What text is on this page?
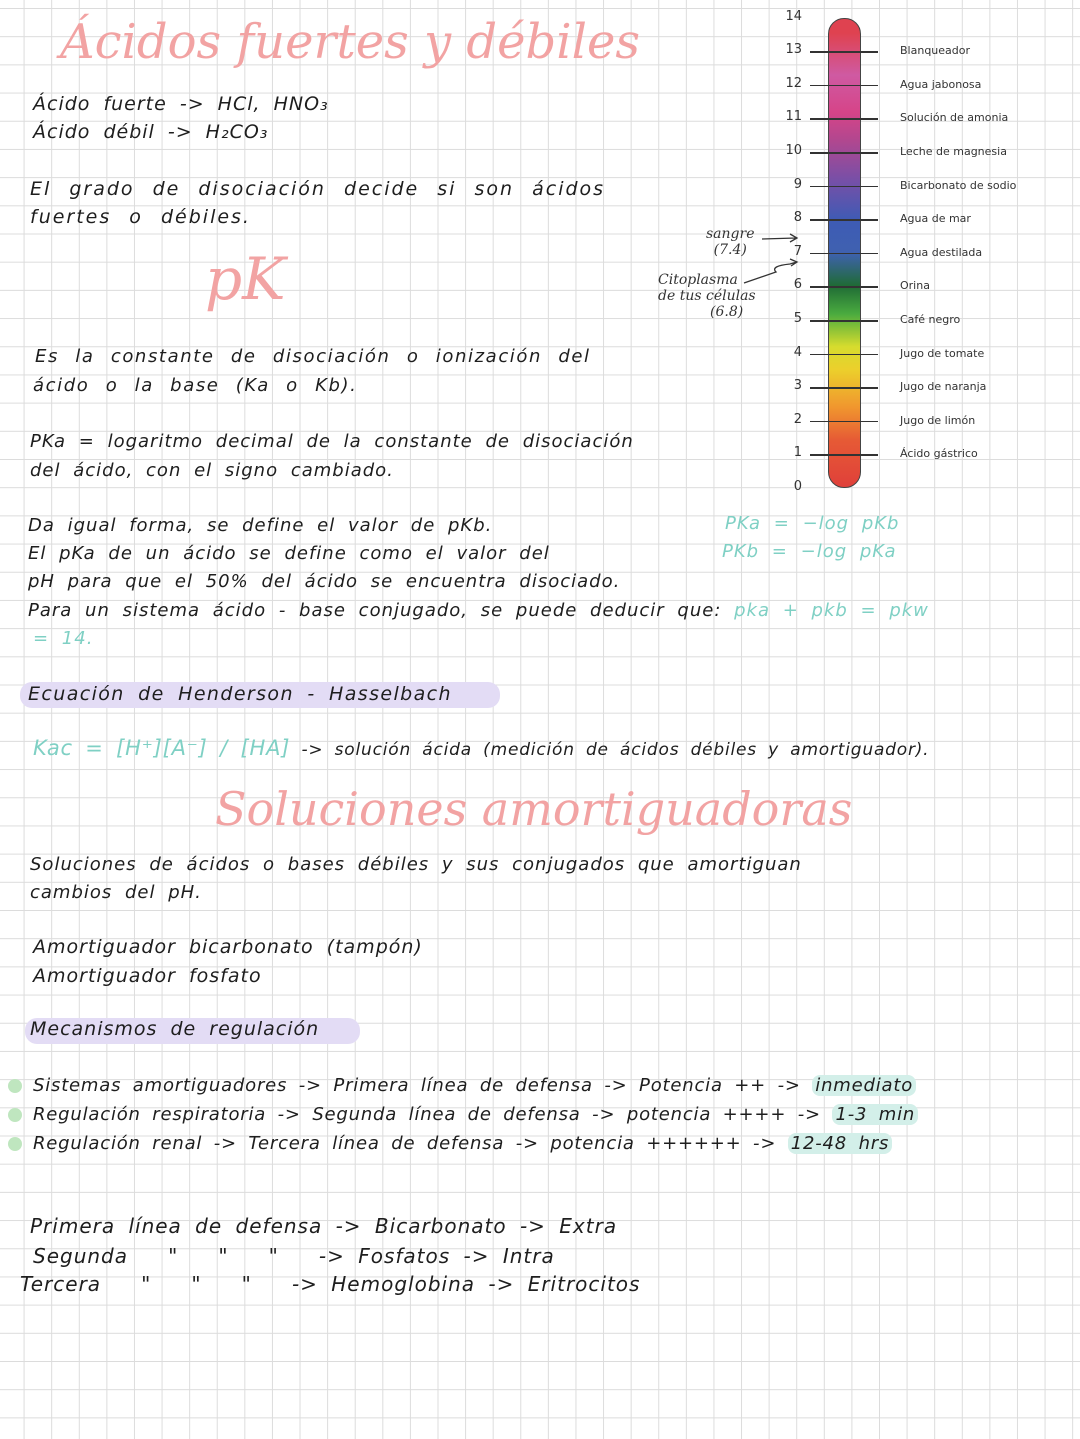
Ácidos fuertes y débiles
Ácido fuerte -> HCl, HNO₃
Ácido débil -> H₂CO₃
El grado de disociación decide si son ácidos
fuertes o débiles.
pK
Es la constante de disociación o ionización del
ácido o la base (Ka o Kb).
PKa = logaritmo decimal de la constante de disociación
del ácido, con el signo cambiado.
Da igual forma, se define el valor de pKb.
El pKa de un ácido se define como el valor del
pH para que el 50% del ácido se encuentra disociado.
Para un sistema ácido - base conjugado, se puede deducir que: pka + pkb = pkw
= 14.
PKa = −log pKb
PKb = −log pKa
Ecuación de Henderson - Hasselbach
Kac = [H⁺][A⁻] / [HA] -> solución ácida (medición de ácidos débiles y amortiguador).
Soluciones amortiguadoras
Soluciones de ácidos o bases débiles y sus conjugados que amortiguan
cambios del pH.
Amortiguador bicarbonato (tampón)
Amortiguador fosfato
Mecanismos de regulación
Sistemas amortiguadores -> Primera línea de defensa -> Potencia ++ -> inmediato
Regulación respiratoria -> Segunda línea de defensa -> potencia ++++ -> 1-3 min
Regulación renal -> Tercera línea de defensa -> potencia ++++++ -> 12-48 hrs
Primera línea de defensa -> Bicarbonato -> Extra
Segunda   "   "   "   -> Fosfatos -> Intra
Tercera   "   "   "   -> Hemoglobina -> Eritrocitos
sangre
(7.4)
Citoplasma
de tus células
(6.8)
0
1
2
3
4
5
6
7
8
9
10
11
12
13
14
Blanqueador
Agua jabonosa
Solución de amonia
Leche de magnesia
Bicarbonato de sodio
Agua de mar
Agua destilada
Orina
Café negro
Jugo de tomate
Jugo de naranja
Jugo de limón
Ácido gástrico
